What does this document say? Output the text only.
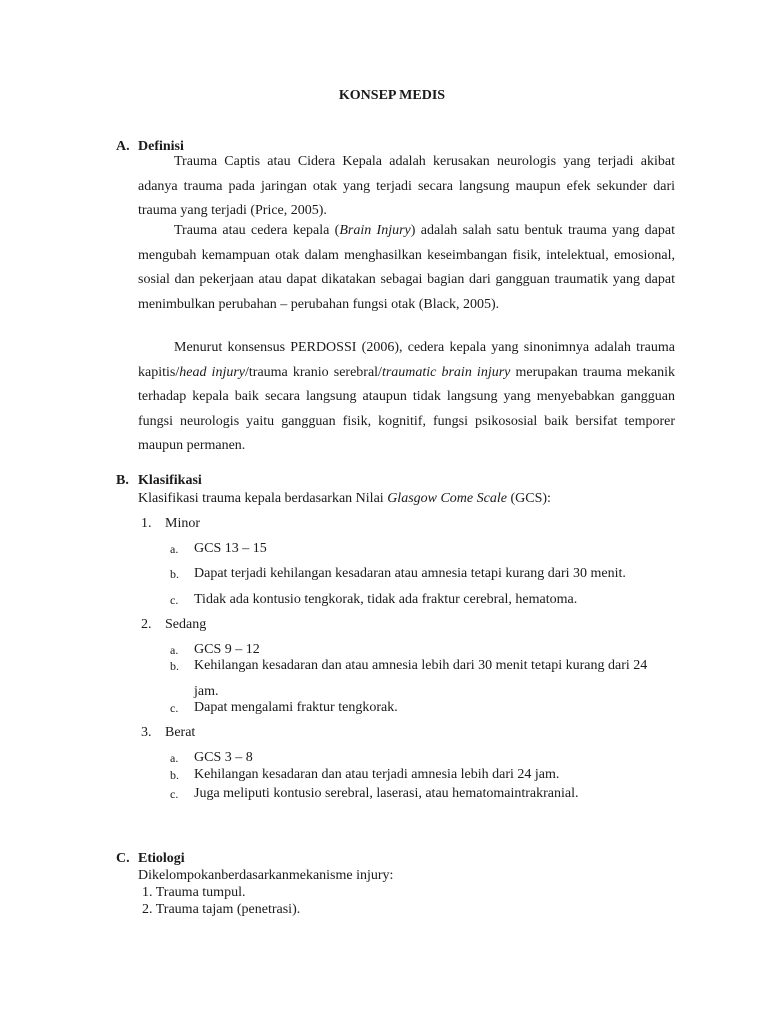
KONSEP MEDIS
A. Definisi

Trauma Captis atau Cidera Kepala adalah kerusakan neurologis yang terjadi akibat adanya trauma pada jaringan otak yang terjadi secara langsung maupun efek sekunder dari trauma yang terjadi (Price, 2005).

Trauma atau cedera kepala (Brain Injury) adalah salah satu bentuk trauma yang dapat mengubah kemampuan otak dalam menghasilkan keseimbangan fisik, intelektual, emosional, sosial dan pekerjaan atau dapat dikatakan sebagai bagian dari gangguan traumatik yang dapat menimbulkan perubahan – perubahan fungsi otak (Black, 2005).

Menurut konsensus PERDOSSI (2006), cedera kepala yang sinonimnya adalah trauma kapitis/head injury/trauma kranio serebral/traumatic brain injury merupakan trauma mekanik terhadap kepala baik secara langsung ataupun tidak langsung yang menyebabkan gangguan fungsi neurologis yaitu gangguan fisik, kognitif, fungsi psikososial baik bersifat temporer maupun permanen.

B. Klasifikasi
Klasifikasi trauma kepala berdasarkan Nilai Glasgow Come Scale (GCS):
1. Minor
a. GCS 13 – 15
b. Dapat terjadi kehilangan kesadaran atau amnesia tetapi kurang dari 30 menit.
c. Tidak ada kontusio tengkorak, tidak ada fraktur cerebral, hematoma.
2. Sedang
a. GCS 9 – 12
b. Kehilangan kesadaran dan atau amnesia lebih dari 30 menit tetapi kurang dari 24 jam.
c. Dapat mengalami fraktur tengkorak.
3. Berat
a. GCS 3 – 8
b. Kehilangan kesadaran dan atau terjadi amnesia lebih dari 24 jam.
c. Juga meliputi kontusio serebral, laserasi, atau hematomaintrakranial.
C. Etiologi
Dikelompokanberdasarkanmekanisme injury:
1. Trauma tumpul.
2. Trauma tajam (penetrasi).
